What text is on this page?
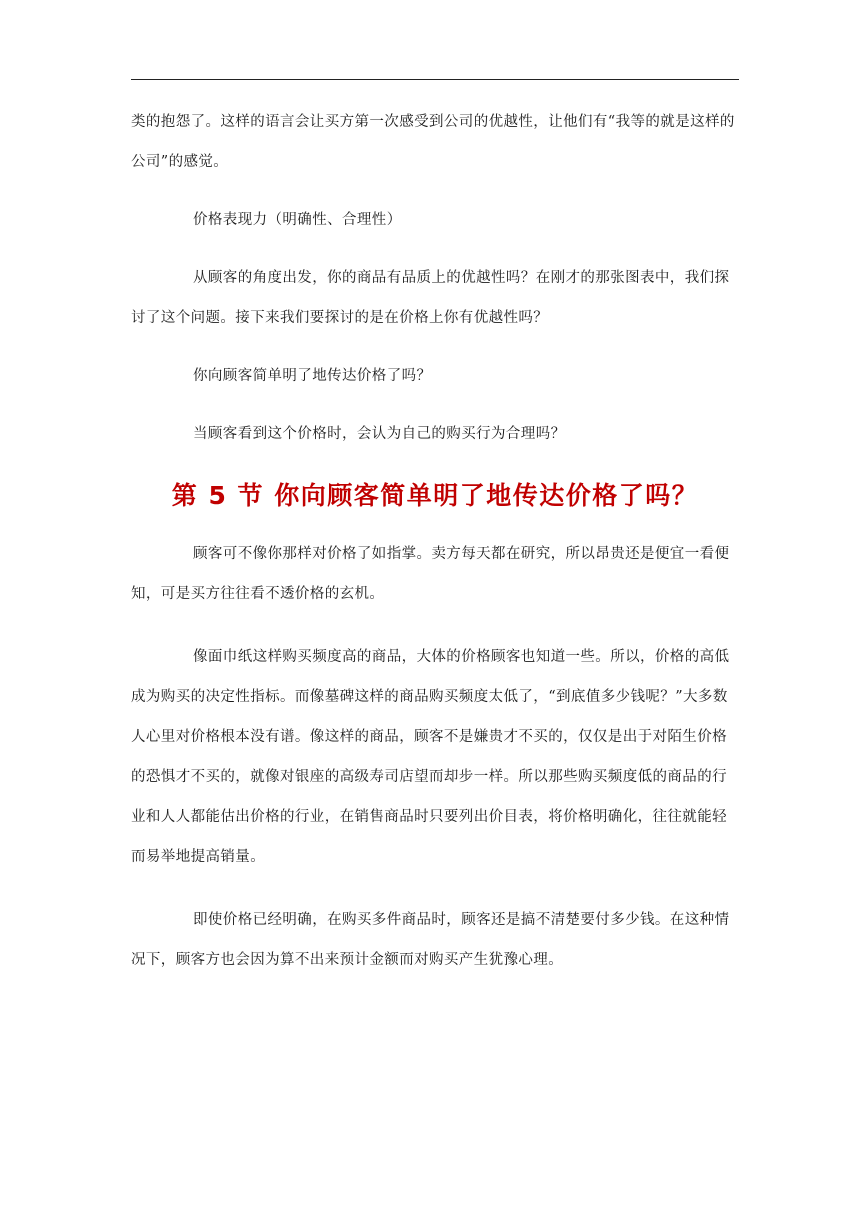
类的抱怨了。这样的语言会让买方第一次感受到公司的优越性，让他们有“我等的就是这样的公司”的感觉。

价格表现力（明确性、合理性）

从顾客的角度出发，你的商品有品质上的优越性吗？在刚才的那张图表中，我们探讨了这个问题。接下来我们要探讨的是在价格上你有优越性吗？

你向顾客简单明了地传达价格了吗？

当顾客看到这个价格时，会认为自己的购买行为合理吗？

第 5 节 你向顾客简单明了地传达价格了吗？

顾客可不像你那样对价格了如指掌。卖方每天都在研究，所以昂贵还是便宜一看便知，可是买方往往看不透价格的玄机。

像面巾纸这样购买频度高的商品，大体的价格顾客也知道一些。所以，价格的高低成为购买的决定性指标。而像墓碑这样的商品购买频度太低了，“到底值多少钱呢？”大多数人心里对价格根本没有谱。像这样的商品，顾客不是嫌贵才不买的，仅仅是出于对陌生价格的恐惧才不买的，就像对银座的高级寿司店望而却步一样。所以那些购买频度低的商品的行业和人人都能估出价格的行业，在销售商品时只要列出价目表，将价格明确化，往往就能轻而易举地提高销量。

即使价格已经明确，在购买多件商品时，顾客还是搞不清楚要付多少钱。在这种情况下，顾客方也会因为算不出来预计金额而对购买产生犹豫心理。
